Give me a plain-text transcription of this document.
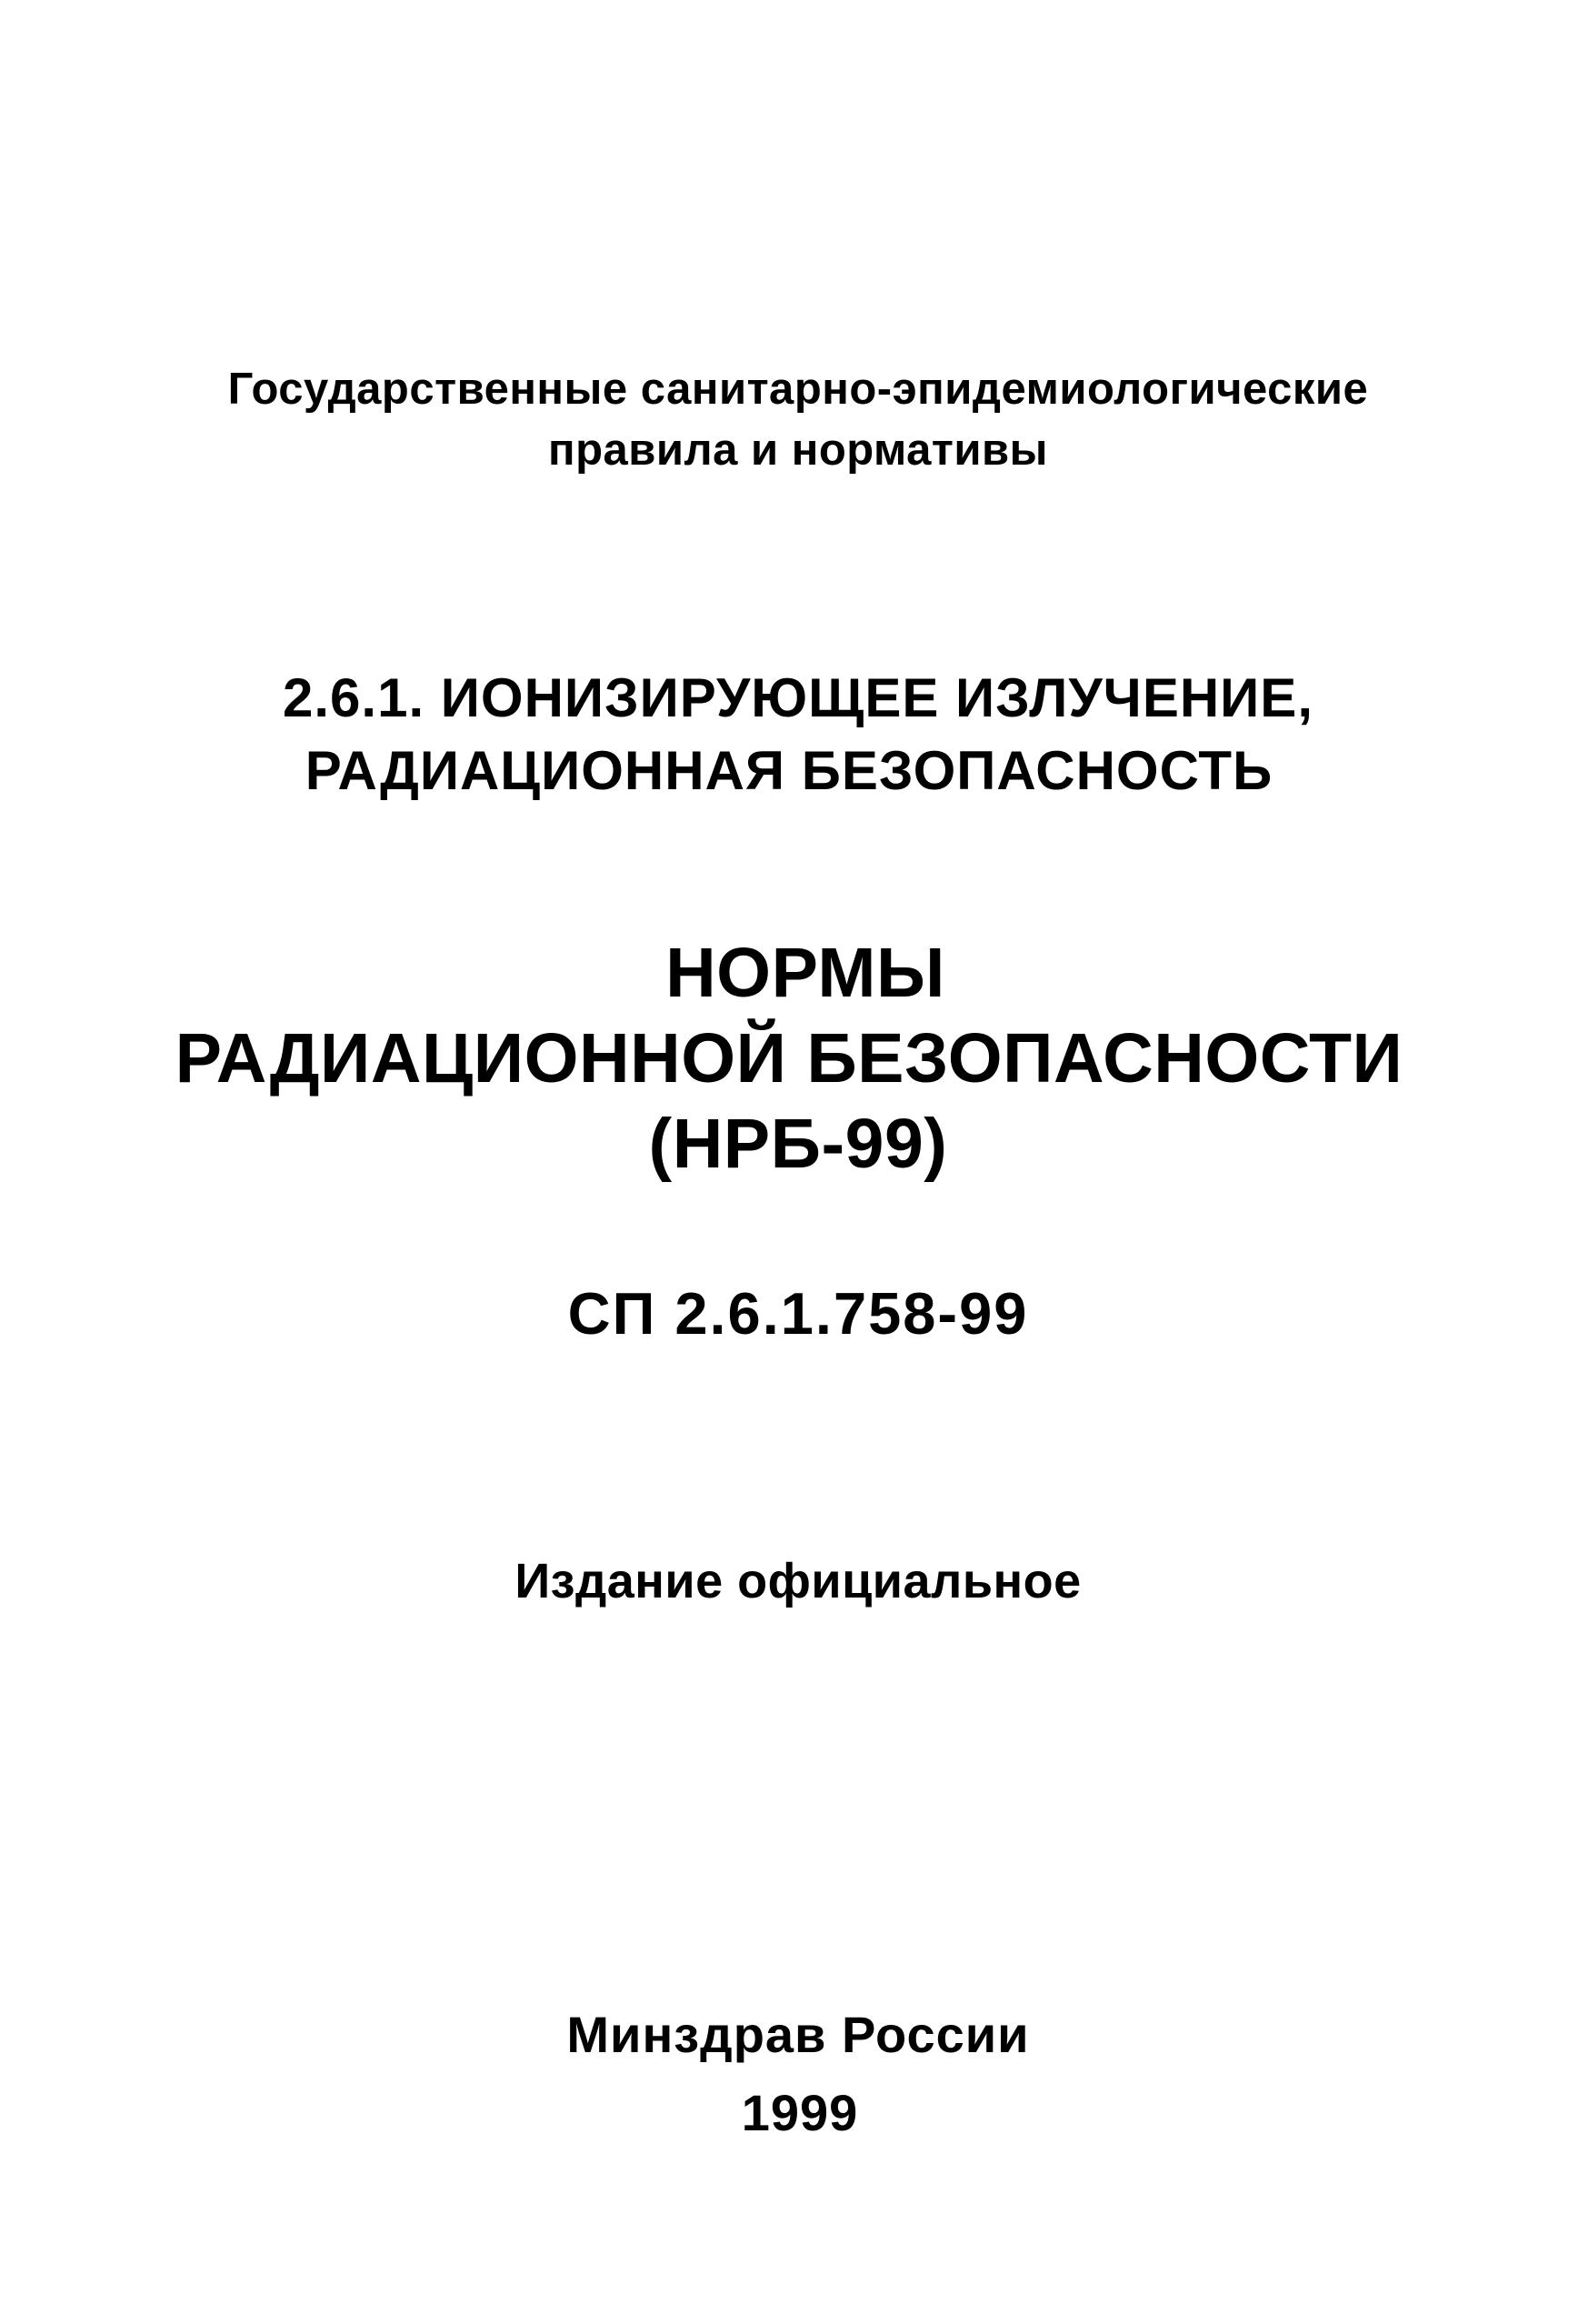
Государственные санитарно-эпидемиологические

правила и нормативы

2.6.1. ИОНИЗИРУЮЩЕЕ ИЗЛУЧЕНИЕ,

РАДИАЦИОННАЯ БЕЗОПАСНОСТЬ

НОРМЫ
РАДИАЦИОННОЙ БЕЗОПАСНОСТИ
(НРБ-99)

СП 2.6.1.758-99

Издание официальное

Минздрав России

1999
